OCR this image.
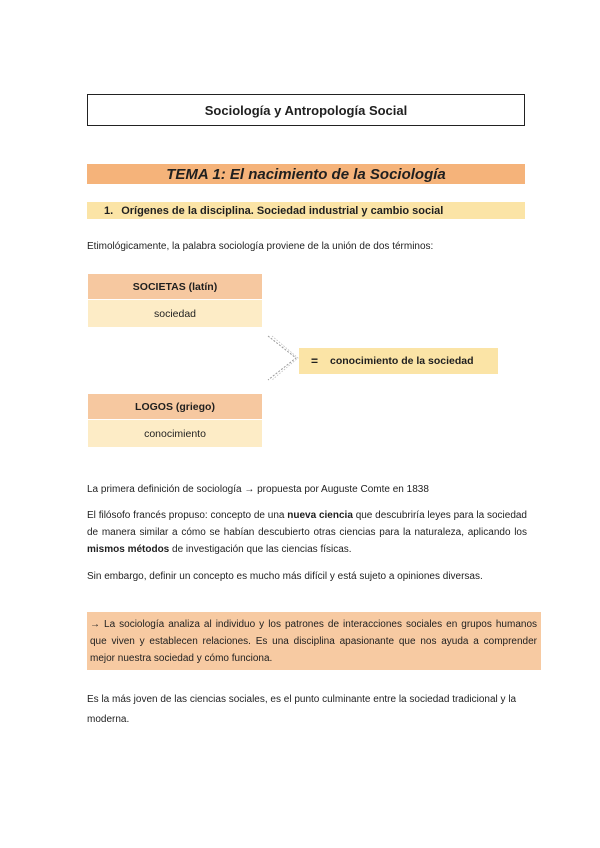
Sociología y Antropología Social
TEMA 1: El nacimiento de la Sociología
1. Orígenes de la disciplina. Sociedad industrial y cambio social
Etimológicamente, la palabra sociología proviene de la unión de dos términos:
SOCIETAS (latín)
sociedad
LOGOS (griego)
conocimiento
= conocimiento de la sociedad
La primera definición de sociología → propuesta por Auguste Comte en 1838
El filósofo francés propuso: concepto de una nueva ciencia que descubriría leyes para la sociedad de manera similar a cómo se habían descubierto otras ciencias para la naturaleza, aplicando los mismos métodos de investigación que las ciencias físicas.
Sin embargo, definir un concepto es mucho más difícil y está sujeto a opiniones diversas.
→ La sociología analiza al individuo y los patrones de interacciones sociales en grupos humanos que viven y establecen relaciones. Es una disciplina apasionante que nos ayuda a comprender mejor nuestra sociedad y cómo funciona.
Es la más joven de las ciencias sociales, es el punto culminante entre la sociedad tradicional y la moderna.
